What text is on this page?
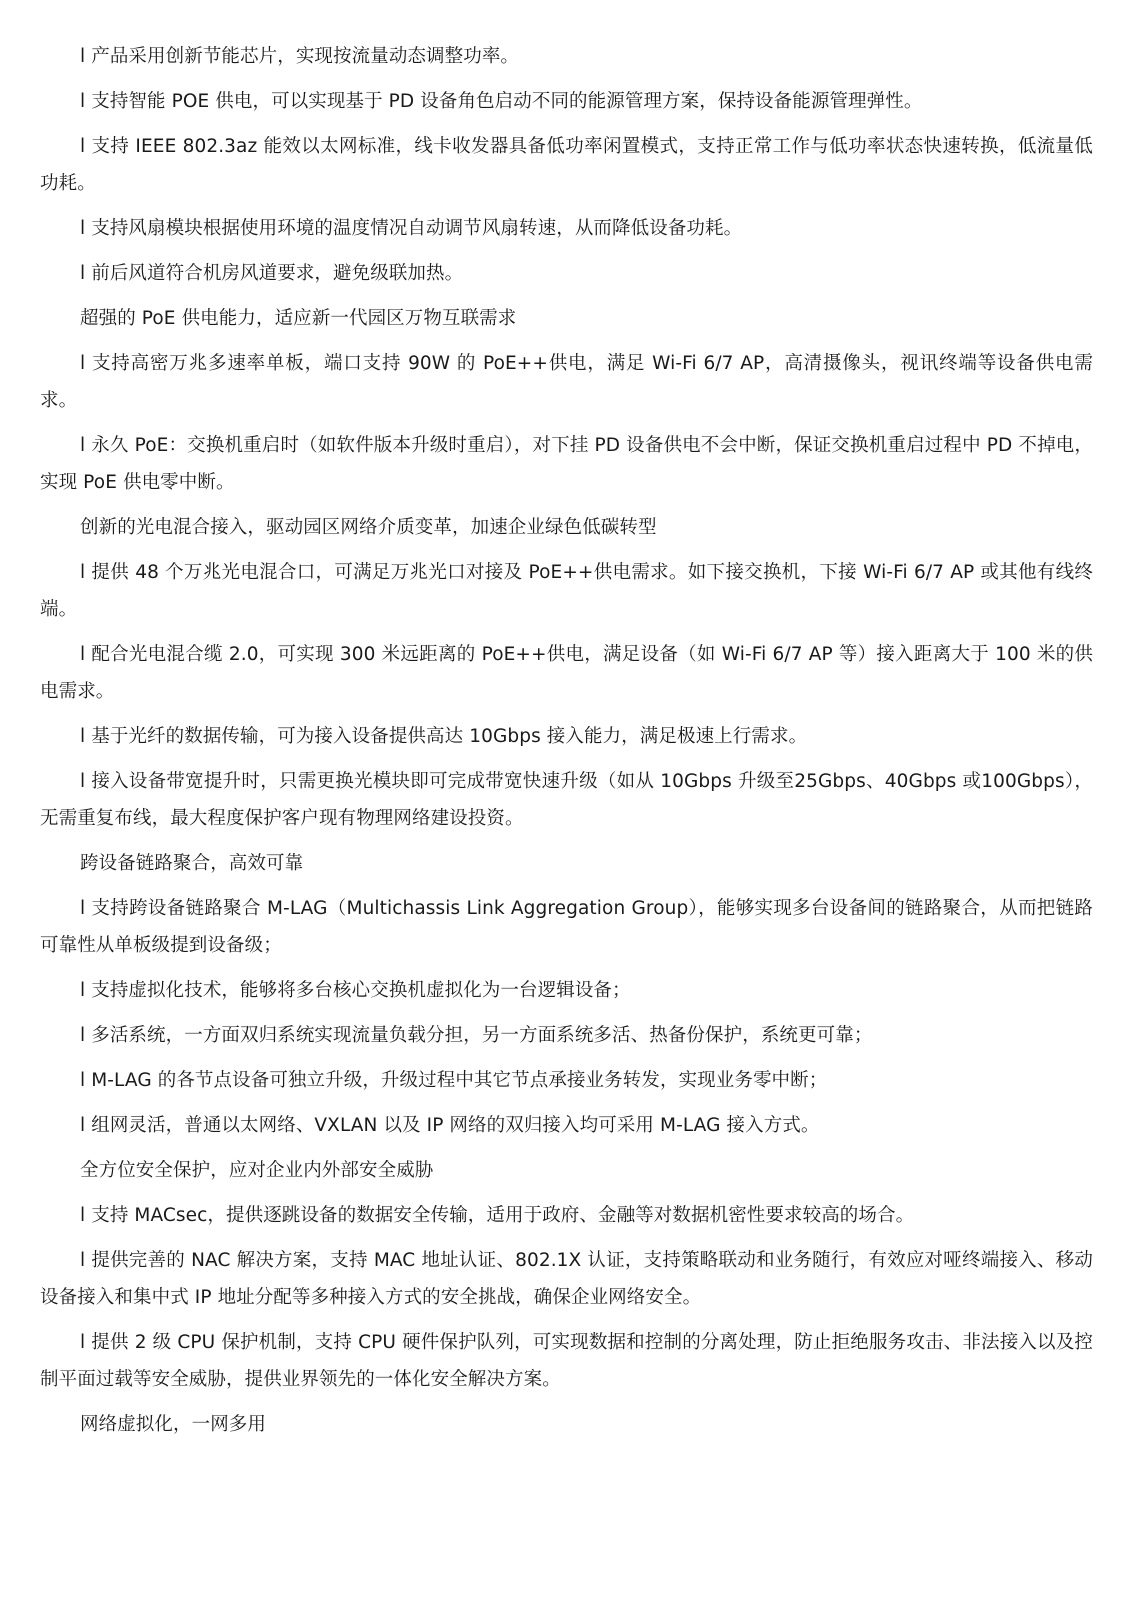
l 产品采用创新节能芯片，实现按流量动态调整功率。

l 支持智能 POE 供电，可以实现基于 PD 设备角色启动不同的能源管理方案，保持设备能源管理弹性。

l 支持 IEEE 802.3az 能效以太网标准，线卡收发器具备低功率闲置模式，支持正常工作与低功率状态快速转换，低流量低功耗。

l 支持风扇模块根据使用环境的温度情况自动调节风扇转速，从而降低设备功耗。

l 前后风道符合机房风道要求，避免级联加热。

超强的 PoE 供电能力，适应新一代园区万物互联需求

l 支持高密万兆多速率单板，端口支持 90W 的 PoE++供电，满足 Wi-Fi 6/7 AP，高清摄像头，视讯终端等设备供电需求。

l 永久 PoE：交换机重启时（如软件版本升级时重启），对下挂 PD 设备供电不会中断，保证交换机重启过程中 PD 不掉电，实现 PoE 供电零中断。

创新的光电混合接入，驱动园区网络介质变革，加速企业绿色低碳转型

l 提供 48 个万兆光电混合口，可满足万兆光口对接及 PoE++供电需求。如下接交换机，下接 Wi-Fi 6/7 AP 或其他有线终端。

l 配合光电混合缆 2.0，可实现 300 米远距离的 PoE++供电，满足设备（如 Wi-Fi 6/7 AP 等）接入距离大于 100 米的供电需求。

l 基于光纤的数据传输，可为接入设备提供高达 10Gbps 接入能力，满足极速上行需求。

l 接入设备带宽提升时，只需更换光模块即可完成带宽快速升级（如从 10Gbps 升级至25Gbps、40Gbps 或100Gbps），无需重复布线，最大程度保护客户现有物理网络建设投资。

跨设备链路聚合，高效可靠

l 支持跨设备链路聚合 M-LAG（Multichassis Link Aggregation Group），能够实现多台设备间的链路聚合，从而把链路可靠性从单板级提到设备级；

l 支持虚拟化技术，能够将多台核心交换机虚拟化为一台逻辑设备；

l 多活系统，一方面双归系统实现流量负载分担，另一方面系统多活、热备份保护，系统更可靠；

l M-LAG 的各节点设备可独立升级，升级过程中其它节点承接业务转发，实现业务零中断；

l 组网灵活，普通以太网络、VXLAN 以及 IP 网络的双归接入均可采用 M-LAG 接入方式。

全方位安全保护，应对企业内外部安全威胁

l 支持 MACsec，提供逐跳设备的数据安全传输，适用于政府、金融等对数据机密性要求较高的场合。

l 提供完善的 NAC 解决方案，支持 MAC 地址认证、802.1X 认证，支持策略联动和业务随行，有效应对哑终端接入、移动设备接入和集中式 IP 地址分配等多种接入方式的安全挑战，确保企业网络安全。

l 提供 2 级 CPU 保护机制，支持 CPU 硬件保护队列，可实现数据和控制的分离处理，防止拒绝服务攻击、非法接入以及控制平面过载等安全威胁，提供业界领先的一体化安全解决方案。

网络虚拟化，一网多用
